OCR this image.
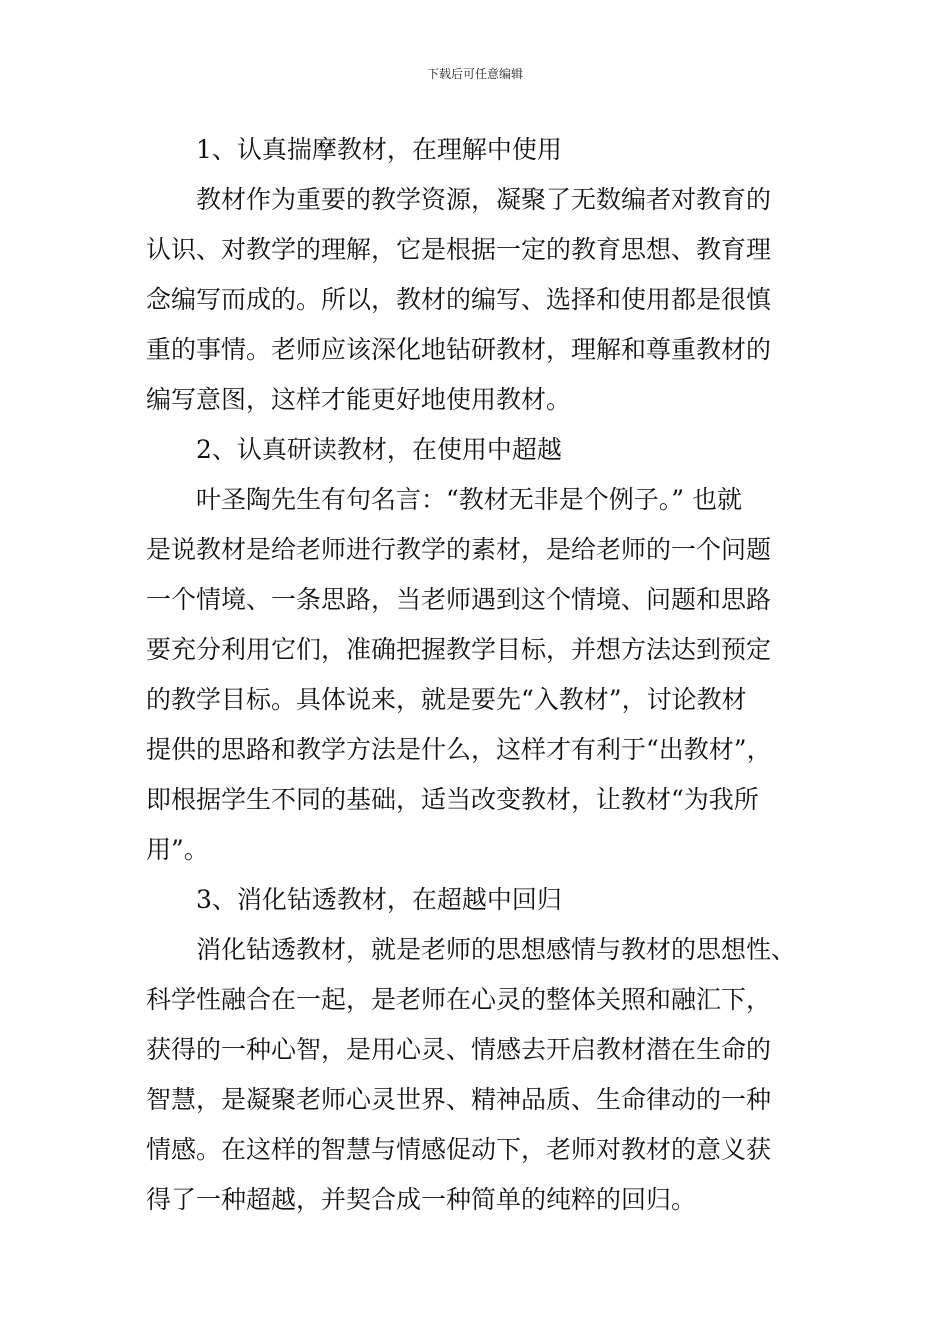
下载后可任意编辑
1、认真揣摩教材，在理解中使用
教材作为重要的教学资源，凝聚了无数编者对教育的
认识、对教学的理解，它是根据一定的教育思想、教育理
念编写而成的。所以，教材的编写、选择和使用都是很慎
重的事情。老师应该深化地钻研教材，理解和尊重教材的
编写意图，这样才能更好地使用教材。
2、认真研读教材，在使用中超越
叶圣陶先生有句名言：“教材无非是个例子。” 也就
是说教材是给老师进行教学的素材，是给老师的一个问题
一个情境、一条思路，当老师遇到这个情境、问题和思路
要充分利用它们，准确把握教学目标，并想方法达到预定
的教学目标。具体说来，就是要先“入教材”，讨论教材
提供的思路和教学方法是什么，这样才有利于“出教材”，
即根据学生不同的基础，适当改变教材，让教材“为我所
用”。
3、消化钻透教材，在超越中回归
消化钻透教材，就是老师的思想感情与教材的思想性、
科学性融合在一起，是老师在心灵的整体关照和融汇下，
获得的一种心智，是用心灵、情感去开启教材潜在生命的
智慧，是凝聚老师心灵世界、精神品质、生命律动的一种
情感。在这样的智慧与情感促动下，老师对教材的意义获
得了一种超越，并契合成一种简单的纯粹的回归。
